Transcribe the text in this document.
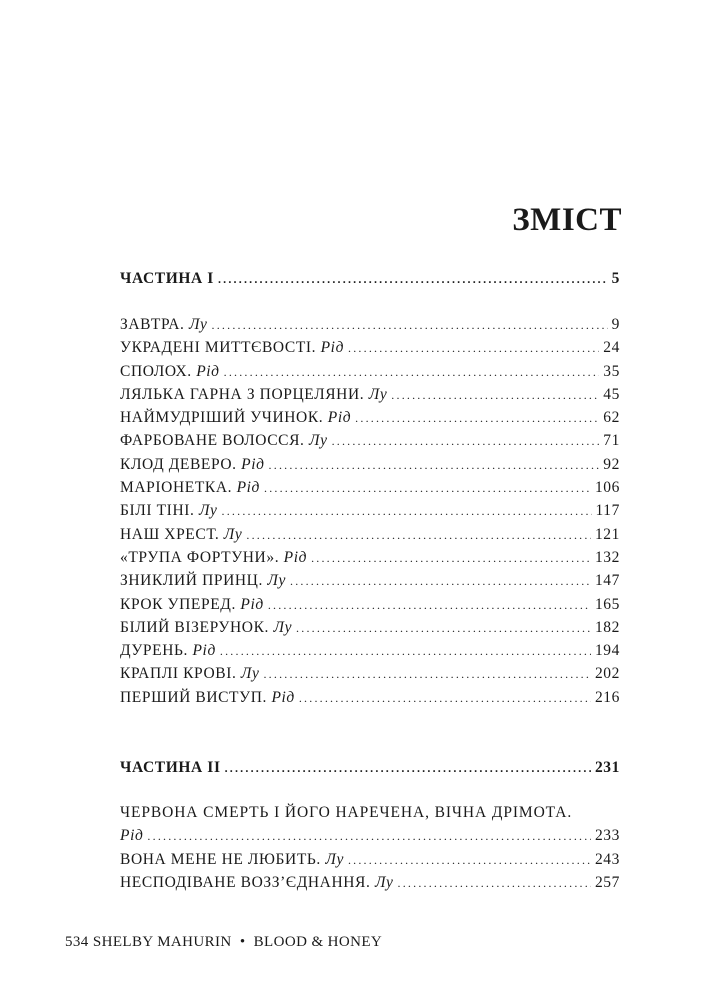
ЗМІСТ
ЧАСТИНА І .....	5
ЗАВТРА. Лу .....	9
УКРАДЕНІ МИТТЄВОСТІ. Рід .....	24
СПОЛОХ. Рід .....	35
ЛЯЛЬКА ГАРНА З ПОРЦЕЛЯНИ. Лу .....	45
НАЙМУДРІШИЙ УЧИНОК. Рід .....	62
ФАРБОВАНЕ ВОЛОССЯ. Лу .....	71
КЛОД ДЕВЕРО. Рід .....	92
МАРІОНЕТКА. Рід .....	106
БІЛІ ТІНІ. Лу .....	117
НАШ ХРЕСТ. Лу .....	121
«ТРУПА ФОРТУНИ». Рід .....	132
ЗНИКЛИЙ ПРИНЦ. Лу .....	147
КРОК УПЕРЕД. Рід .....	165
БІЛИЙ ВІЗЕРУНОК. Лу .....	182
ДУРЕНЬ. Рід .....	194
КРАПЛІ КРОВІ. Лу .....	202
ПЕРШИЙ ВИСТУП. Рід .....	216
ЧАСТИНА ІІ .....	231
ЧЕРВОНА СМЕРТЬ І ЙОГО НАРЕЧЕНА, ВІЧНА ДРІМОТА.
Рід .....	233
ВОНА МЕНЕ НЕ ЛЮБИТЬ. Лу .....	243
НЕСПОДІВАНЕ ВОЗЗ’ЄДНАННЯ. Лу .....	257
534 SHELBY MAHURIN • BLOOD & HONEY
